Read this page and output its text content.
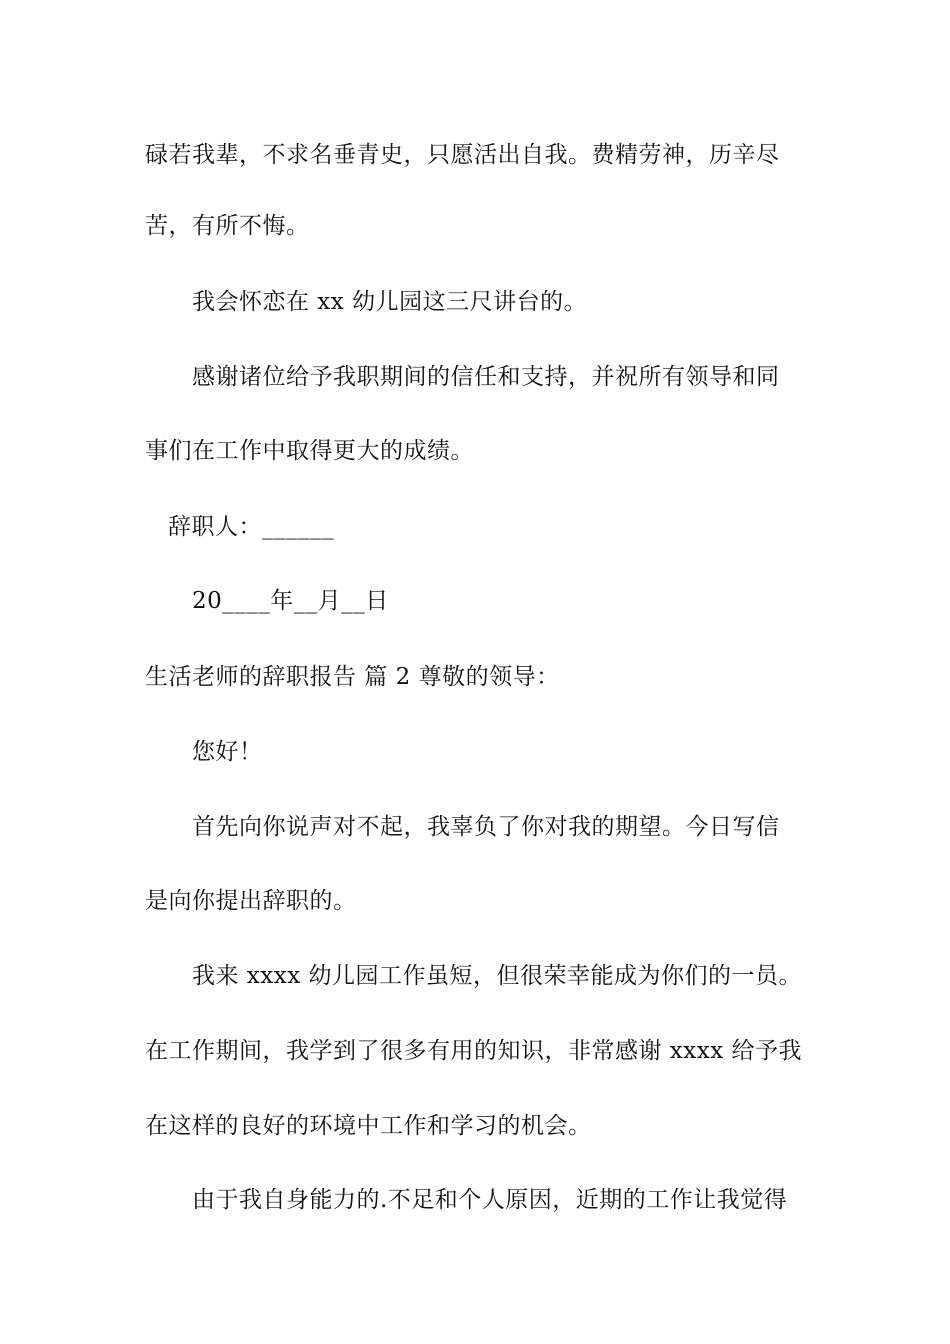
碌若我辈，不求名垂青史，只愿活出自我。费精劳神，历辛尽
苦，有所不悔。
我会怀恋在 xx 幼儿园这三尺讲台的。
感谢诸位给予我职期间的信任和支持，并祝所有领导和同
事们在工作中取得更大的成绩。
辞职人：______
20____年__月__日
生活老师的辞职报告 篇 2 尊敬的领导：
您好！
首先向你说声对不起，我辜负了你对我的期望。今日写信
是向你提出辞职的。
我来 xxxx 幼儿园工作虽短，但很荣幸能成为你们的一员。
在工作期间，我学到了很多有用的知识，非常感谢 xxxx 给予我
在这样的良好的环境中工作和学习的机会。
由于我自身能力的.不足和个人原因，近期的工作让我觉得
